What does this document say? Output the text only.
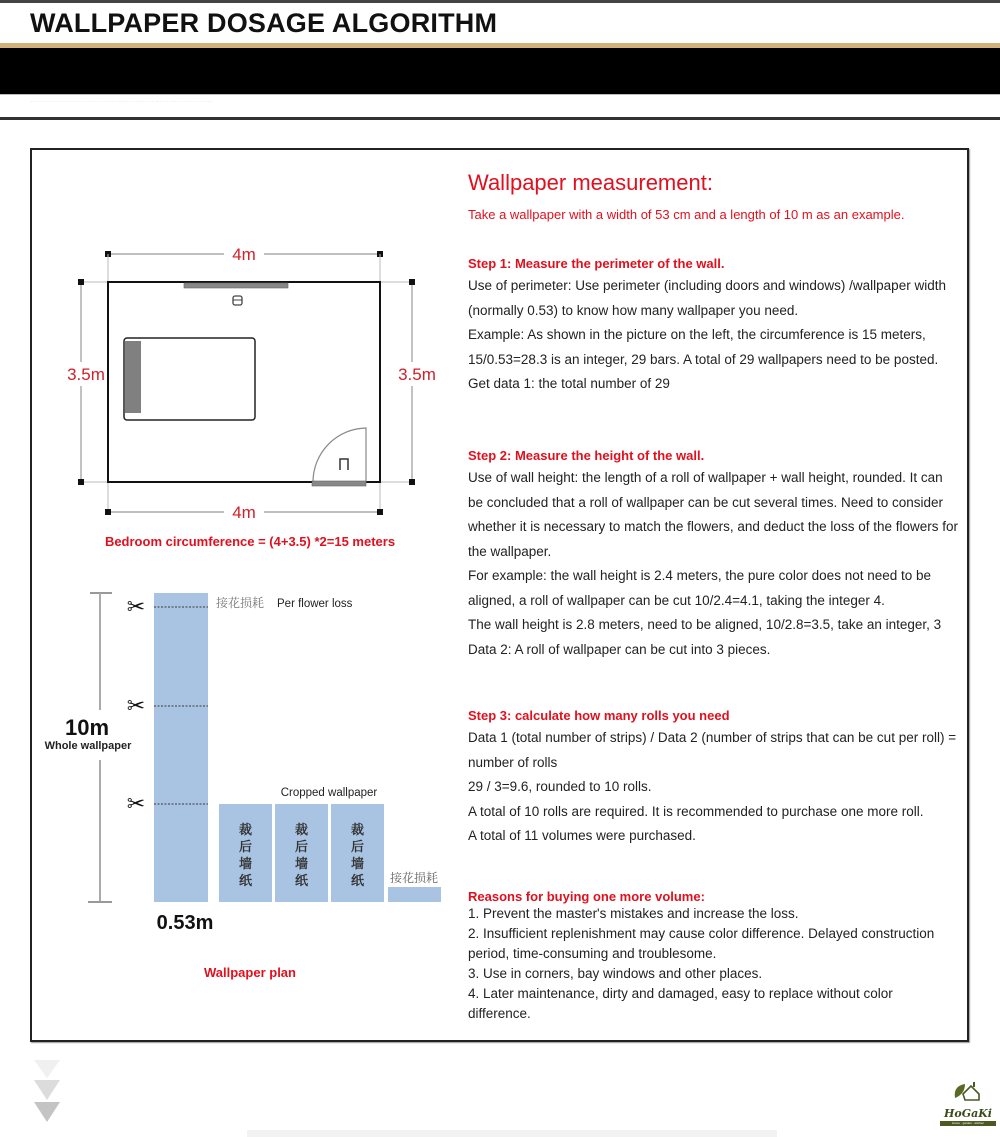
WALLPAPER DOSAGE ALGORITHM
·· ·· ·· ·· ·· ·· ·· ·· ·· ·· ·· ·· ·· ·· ·· ·· ·· ·· ·· ·· ·· ·· ·· ·· ·· ·· ·· ·· ·· ·· ·· ·· ·· ·· ·· ·· ·· ·· ·· ·· ·· ·· ·· ·· ·· ·· ·· ·· ·· ·· ·· ·· ·· ·· ·· ·· ·· ·· ·· ·· ·· ·· ·· ·· ··
4m
3.5m	3.5m
4m
Bedroom circumference = (4+3.5) *2=15 meters
10m
Whole wallpaper
✂
✂
✂
接花损耗 Per flower loss
0.53m
Cropped wallpaper
裁
后
墙
纸
裁
后
墙
纸
裁
后
墙
纸 接花损耗
Wallpaper plan
Wallpaper measurement:
Take a wallpaper with a width of 53 cm and a length of 10 m as an example.
Step 1: Measure the perimeter of the wall.
Use of perimeter: Use perimeter (including doors and windows) /wallpaper width (normally 0.53) to know how many wallpaper you need.
Example: As shown in the picture on the left, the circumference is 15 meters, 15/0.53=28.3 is an integer, 29 bars. A total of 29 wallpapers need to be posted.
Get data 1: the total number of 29
Step 2: Measure the height of the wall.
Use of wall height: the length of a roll of wallpaper + wall height, rounded. It can be concluded that a roll of wallpaper can be cut several times. Need to consider whether it is necessary to match the flowers, and deduct the loss of the flowers for the wallpaper.
For example: the wall height is 2.4 meters, the pure color does not need to be aligned, a roll of wallpaper can be cut 10/2.4=4.1, taking the integer 4.
The wall height is 2.8 meters, need to be aligned, 10/2.8=3.5, take an integer, 3
Data 2: A roll of wallpaper can be cut into 3 pieces.
Step 3: calculate how many rolls you need
Data 1 (total number of strips) / Data 2 (number of strips that can be cut per roll) = number of rolls
29 / 3=9.6, rounded to 10 rolls.
A total of 10 rolls are required. It is recommended to purchase one more roll.
A total of 11 volumes were purchased.
Reasons for buying one more volume:
1. Prevent the master's mistakes and increase the loss.
2. Insufficient replenishment may cause color difference. Delayed construction period, time-consuming and troublesome.
3. Use in corners, bay windows and other places.
4. Later maintenance, dirty and damaged, easy to replace without color difference.
HoGaKi
Home · garden · kitchen
